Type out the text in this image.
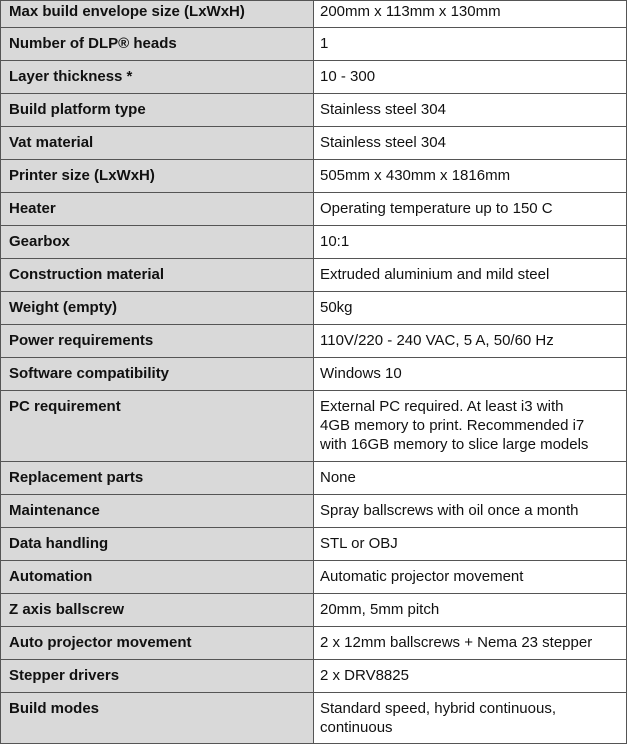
Max build envelope size (LxWxH)	200mm x 113mm x 130mm
Number of DLP® heads	1
Layer thickness *	10 - 300
Build platform type	Stainless steel 304
Vat material	Stainless steel 304
Printer size (LxWxH)	505mm x 430mm x 1816mm
Heater	Operating temperature up to 150 C
Gearbox	10:1
Construction material	Extruded aluminium and mild steel
Weight (empty)	50kg
Power requirements	110V/220 - 240 VAC, 5 A, 50/60 Hz
Software compatibility	Windows 10
PC requirement	External PC required. At least i3 with
4GB memory to print. Recommended i7
with 16GB memory to slice large models
Replacement parts	None
Maintenance	Spray ballscrews with oil once a month
Data handling	STL or OBJ
Automation	Automatic projector movement
Z axis ballscrew	20mm, 5mm pitch
Auto projector movement	2 x 12mm ballscrews + Nema 23 stepper
Stepper drivers	2 x DRV8825
Build modes	Standard speed, hybrid continuous,
continuous
